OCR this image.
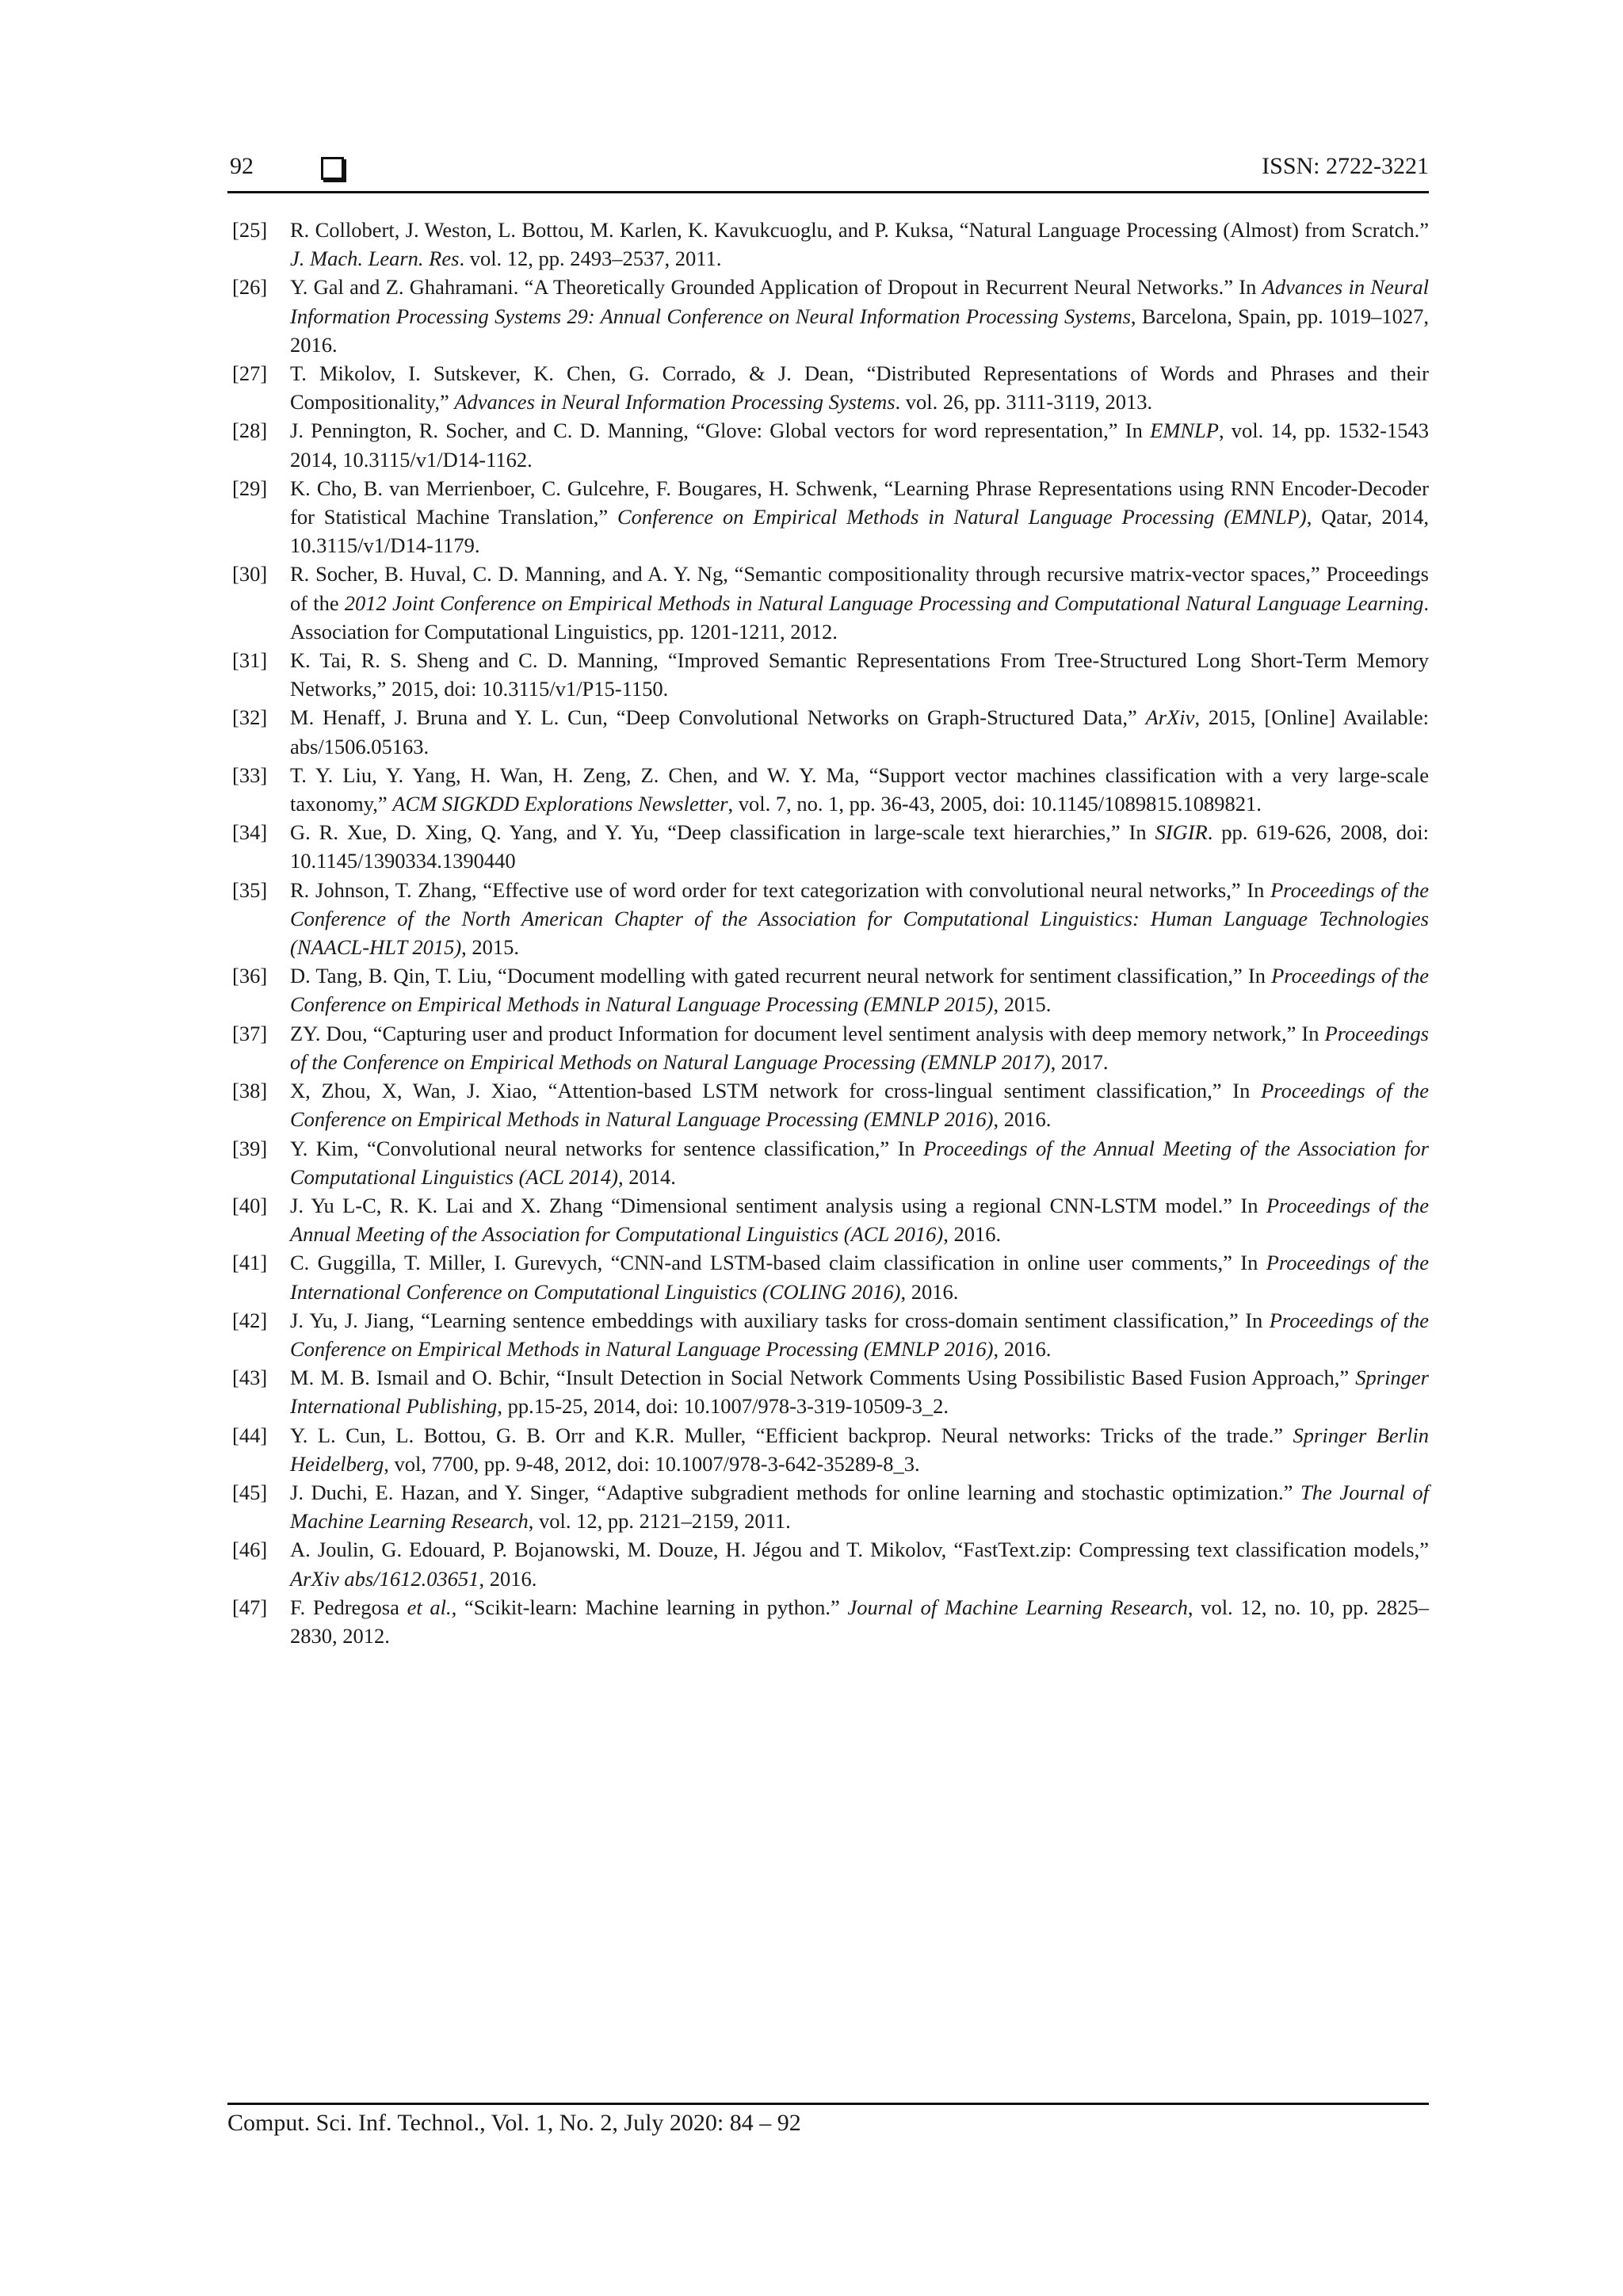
92	ISSN: 2722-3221
[25]	R. Collobert, J. Weston, L. Bottou, M. Karlen, K. Kavukcuoglu, and P. Kuksa, “Natural Language Processing (Almost) from Scratch.” J. Mach. Learn. Res. vol. 12, pp. 2493–2537, 2011.
[26]	Y. Gal and Z. Ghahramani. “A Theoretically Grounded Application of Dropout in Recurrent Neural Networks.” In Advances in Neural Information Processing Systems 29: Annual Conference on Neural Information Processing Systems, Barcelona, Spain, pp. 1019–1027, 2016.
[27]	T. Mikolov, I. Sutskever, K. Chen, G. Corrado, & J. Dean, “Distributed Representations of Words and Phrases and their Compositionality,” Advances in Neural Information Processing Systems. vol. 26, pp. 3111-3119, 2013.
[28]	J. Pennington, R. Socher, and C. D. Manning, “Glove: Global vectors for word representation,” In EMNLP, vol. 14, pp. 1532-1543 2014, 10.3115/v1/D14-1162.
[29]	K. Cho, B. van Merrienboer, C. Gulcehre, F. Bougares, H. Schwenk, “Learning Phrase Representations using RNN Encoder-Decoder for Statistical Machine Translation,” Conference on Empirical Methods in Natural Language Processing (EMNLP), Qatar, 2014, 10.3115/v1/D14-1179.
[30]	R. Socher, B. Huval, C. D. Manning, and A. Y. Ng, “Semantic compositionality through recursive matrix-vector spaces,” Proceedings of the 2012 Joint Conference on Empirical Methods in Natural Language Processing and Computational Natural Language Learning. Association for Computational Linguistics, pp. 1201-1211, 2012.
[31]	K. Tai, R. S. Sheng and C. D. Manning, “Improved Semantic Representations From Tree-Structured Long Short-Term Memory Networks,” 2015, doi: 10.3115/v1/P15-1150.
[32]	M. Henaff, J. Bruna and Y. L. Cun, “Deep Convolutional Networks on Graph-Structured Data,” ArXiv, 2015, [Online] Available: abs/1506.05163.
[33]	T. Y. Liu, Y. Yang, H. Wan, H. Zeng, Z. Chen, and W. Y. Ma, “Support vector machines classification with a very large-scale taxonomy,” ACM SIGKDD Explorations Newsletter, vol. 7, no. 1, pp. 36-43, 2005, doi: 10.1145/1089815.1089821.
[34]	G. R. Xue, D. Xing, Q. Yang, and Y. Yu, “Deep classification in large-scale text hierarchies,” In SIGIR. pp. 619-626, 2008, doi: 10.1145/1390334.1390440
[35]	R. Johnson, T. Zhang, “Effective use of word order for text categorization with convolutional neural networks,” In Proceedings of the Conference of the North American Chapter of the Association for Computational Linguistics: Human Language Technologies (NAACL-HLT 2015), 2015.
[36]	D. Tang, B. Qin, T. Liu, “Document modelling with gated recurrent neural network for sentiment classification,” In Proceedings of the Conference on Empirical Methods in Natural Language Processing (EMNLP 2015), 2015.
[37]	ZY. Dou, “Capturing user and product Information for document level sentiment analysis with deep memory network,” In Proceedings of the Conference on Empirical Methods on Natural Language Processing (EMNLP 2017), 2017.
[38]	X, Zhou, X, Wan, J. Xiao, “Attention-based LSTM network for cross-lingual sentiment classification,” In Proceedings of the Conference on Empirical Methods in Natural Language Processing (EMNLP 2016), 2016.
[39]	Y. Kim, “Convolutional neural networks for sentence classification,” In Proceedings of the Annual Meeting of the Association for Computational Linguistics (ACL 2014), 2014.
[40]	J. Yu L-C, R. K. Lai and X. Zhang “Dimensional sentiment analysis using a regional CNN-LSTM model.” In Proceedings of the Annual Meeting of the Association for Computational Linguistics (ACL 2016), 2016.
[41]	C. Guggilla, T. Miller, I. Gurevych, “CNN-and LSTM-based claim classification in online user comments,” In Proceedings of the International Conference on Computational Linguistics (COLING 2016), 2016.
[42]	J. Yu, J. Jiang, “Learning sentence embeddings with auxiliary tasks for cross-domain sentiment classification,” In Proceedings of the Conference on Empirical Methods in Natural Language Processing (EMNLP 2016), 2016.
[43]	M. M. B. Ismail and O. Bchir, “Insult Detection in Social Network Comments Using Possibilistic Based Fusion Approach,” Springer International Publishing, pp.15-25, 2014, doi: 10.1007/978-3-319-10509-3_2.
[44]	Y. L. Cun, L. Bottou, G. B. Orr and K.R. Muller, “Efficient backprop. Neural networks: Tricks of the trade.” Springer Berlin Heidelberg, vol, 7700, pp. 9-48, 2012, doi: 10.1007/978-3-642-35289-8_3.
[45]	J. Duchi, E. Hazan, and Y. Singer, “Adaptive subgradient methods for online learning and stochastic optimization.” The Journal of Machine Learning Research, vol. 12, pp. 2121–2159, 2011.
[46]	A. Joulin, G. Edouard, P. Bojanowski, M. Douze, H. Jégou and T. Mikolov, “FastText.zip: Compressing text classification models,” ArXiv abs/1612.03651, 2016.
[47]	F. Pedregosa et al., “Scikit-learn: Machine learning in python.” Journal of Machine Learning Research, vol. 12, no. 10, pp. 2825–2830, 2012.
Comput. Sci. Inf. Technol., Vol. 1, No. 2, July 2020: 84 – 92
